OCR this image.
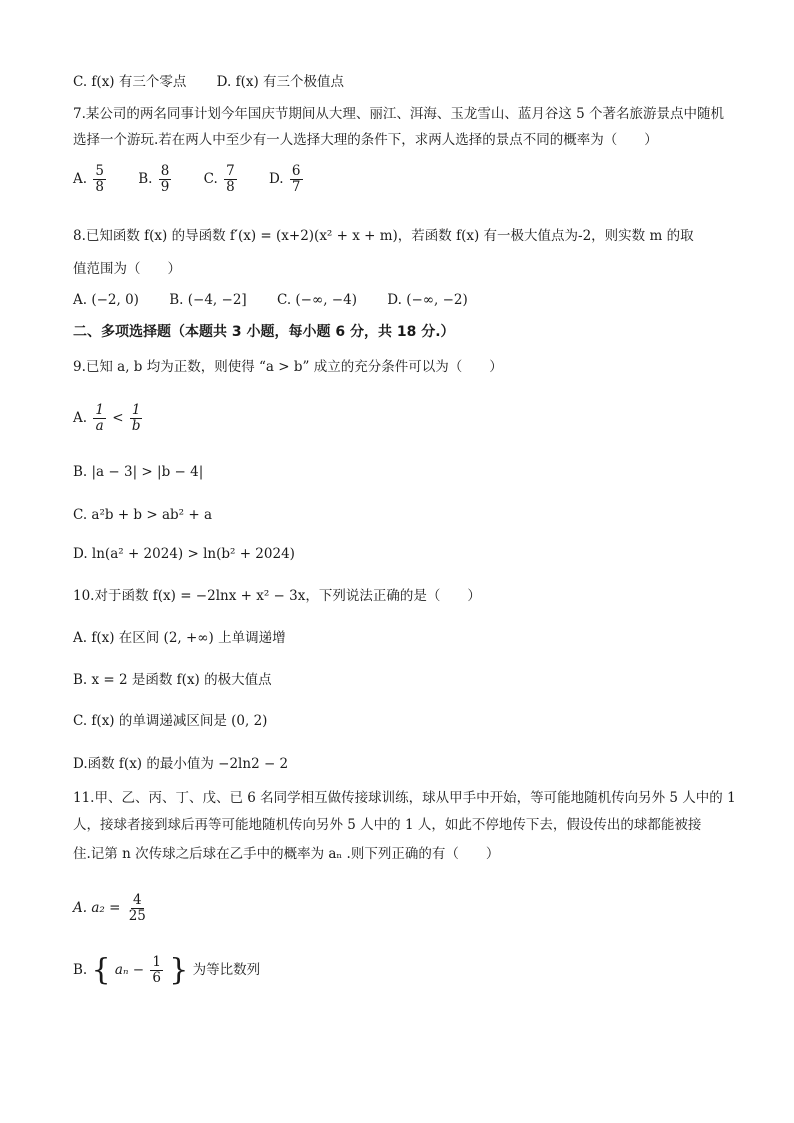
C. f(x) 有三个零点 D. f(x) 有三个极值点
7.某公司的两名同事计划今年国庆节期间从大理、丽江、洱海、玉龙雪山、蓝月谷这 5 个著名旅游景点中随机
选择一个游玩.若在两人中至少有一人选择大理的条件下，求两人选择的景点不同的概率为（　　）
A. $\frac{5}{8} B$. $\frac{8}{9} C$. $\frac{7}{8} D$. $\frac{6}{7}$
8.已知函数 f(x) 的导函数 f′(x) = (x+2)(x² + x + m)，若函数 f(x) 有一极大值点为-2，则实数 m 的取
值范围为（　　）
A. (−2, 0) B. (−4, −2] C. (−∞, −4) D. (−∞, −2)
二、多项选择题（本题共 3 小题，每小题 6 分，共 18 分.）
9.已知 a, b 均为正数，则使得 “a > b” 成立的充分条件可以为（　　）
A. $\frac{1}{a} < \frac{1}{b}$
B. |a − 3| > |b − 4|
C. a²b + b > ab² + a
D. ln(a² + 2024) > ln(b² + 2024)
10.对于函数 f(x) = −2lnx + x² − 3x，下列说法正确的是（　　）
A. f(x) 在区间 (2, +∞) 上单调递增
B. x = 2 是函数 f(x) 的极大值点
C. f(x) 的单调递减区间是 (0, 2)
D.函数 f(x) 的最小值为 −2ln2 − 2
11.甲、乙、丙、丁、戊、已 6 名同学相互做传接球训练，球从甲手中开始，等可能地随机传向另外 5 人中的 1
人，接球者接到球后再等可能地随机传向另外 5 人中的 1 人，如此不停地传下去，假设传出的球都能被接
住.记第 n 次传球之后球在乙手中的概率为 aₙ .则下列正确的有（　　）
A. $a_2 = \frac{4}{25}$
B. { $a_n - \frac{1}{6}$ } 为等比数列
